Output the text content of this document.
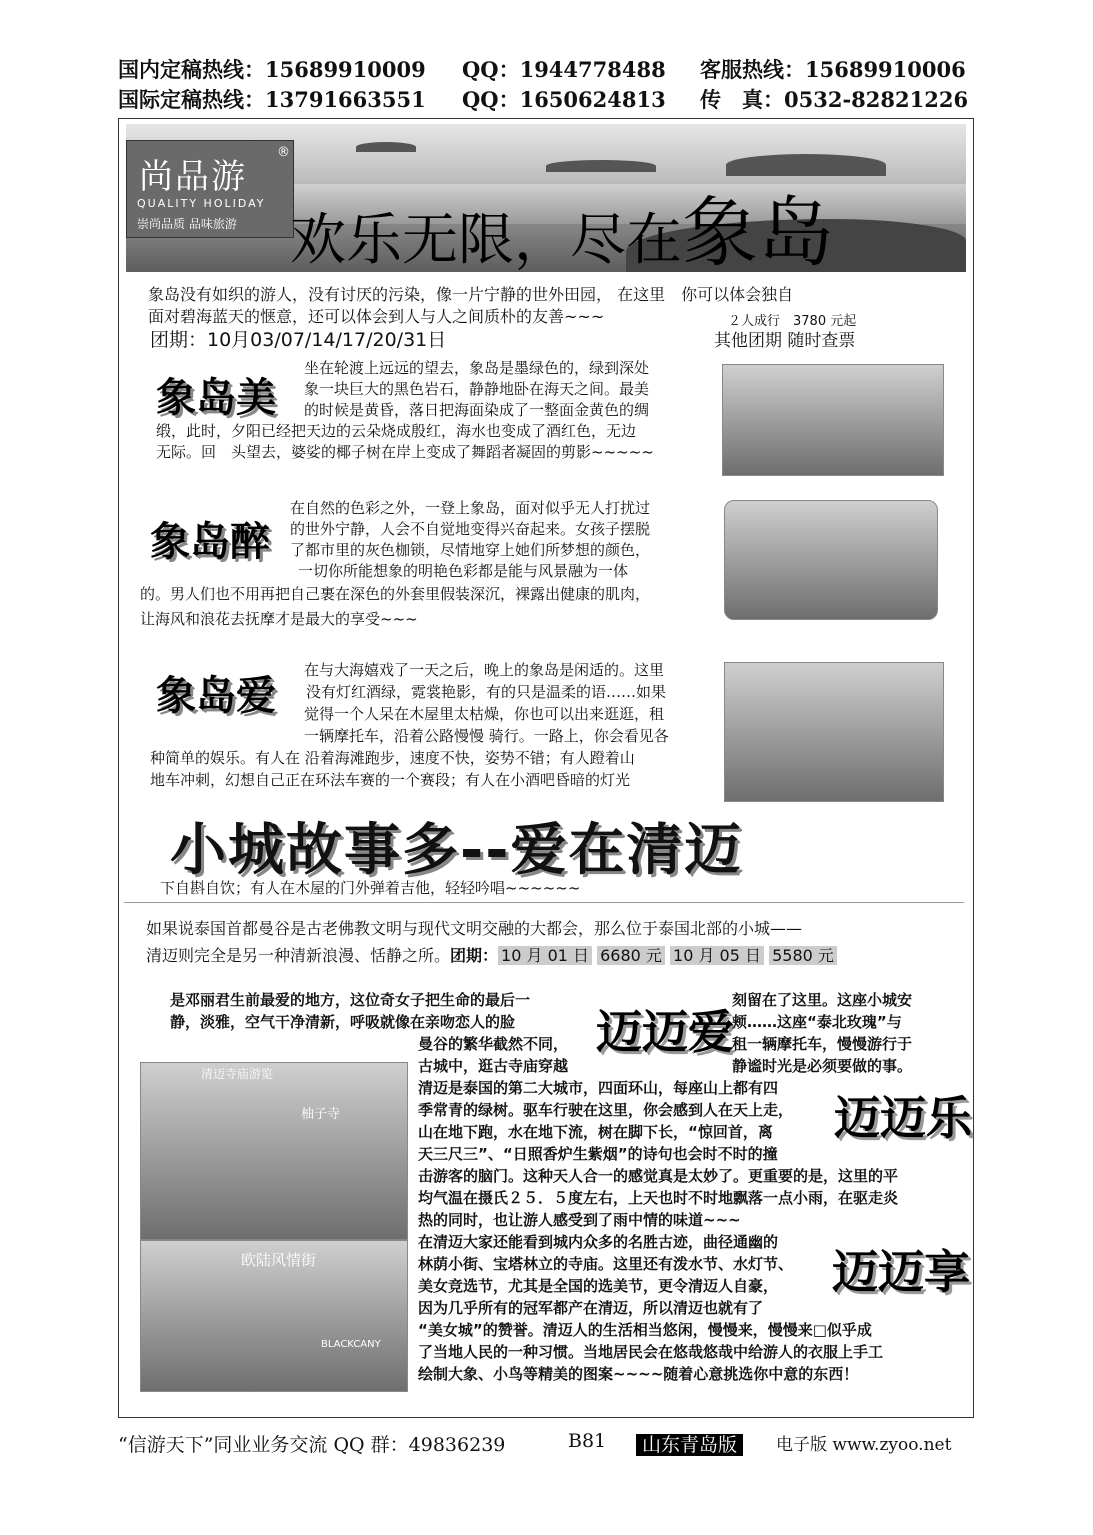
国内定稿热线：15689910009 QQ：1944778488 客服热线：15689910006
国际定稿热线：13791663551 QQ：1650624813 传　真：0532-82821226
尚品游
®
QUALITY HOLIDAY
崇尚品质 品味旅游 欢乐无限，尽在象岛
象岛没有如织的游人，没有讨厌的污染，像一片宁静的世外田园， 在这里　你可以体会独自
面对碧海蓝天的惬意，还可以体会到人与人之间质朴的友善~~~
团期：10月03/07/14/17/20/31日
２人成行　3780 元起
其他团期 随时查票
象岛美
坐在轮渡上远远的望去，象岛是墨绿色的，绿到深处
象一块巨大的黑色岩石，静静地卧在海天之间。最美
的时候是黄昏，落日把海面染成了一整面金黄色的绸
缎，此时，夕阳已经把天边的云朵烧成殷红，海水也变成了酒红色，无边
无际。回　头望去，婆娑的椰子树在岸上变成了舞蹈者凝固的剪影~~~~~
象岛醉
在自然的色彩之外，一登上象岛，面对似乎无人打扰过
的世外宁静，人会不自觉地变得兴奋起来。女孩子摆脱
了都市里的灰色枷锁，尽情地穿上她们所梦想的颜色，
一切你所能想象的明艳色彩都是能与风景融为一体
的。男人们也不用再把自己裹在深色的外套里假装深沉，裸露出健康的肌肉，
让海风和浪花去抚摩才是最大的享受~~~
象岛爱
在与大海嬉戏了一天之后，晚上的象岛是闲适的。这里
没有灯红酒绿，霓裳艳影，有的只是温柔的语……如果
觉得一个人呆在木屋里太枯燥，你也可以出来逛逛，租
一辆摩托车，沿着公路慢慢 骑行。一路上，你会看见各
种简单的娱乐。有人在 沿着海滩跑步，速度不快，姿势不错；有人蹬着山
地车冲刺，幻想自己正在环法车赛的一个赛段；有人在小酒吧昏暗的灯光
下自斟自饮；有人在木屋的门外弹着吉他，轻轻吟唱~~~~~~
小城故事多--爱在清迈
如果说泰国首都曼谷是古老佛教文明与现代文明交融的大都会，那么位于泰国北部的小城——
清迈则完全是另一种清新浪漫、恬静之所。团期： 10 月 01 日 6680 元 10 月 05 日 5580 元
迈迈爱
迈迈乐
迈迈享
是邓丽君生前最爱的地方，这位奇女子把生命的最后一
静，淡雅，空气干净清新，呼吸就像在亲吻恋人的脸
曼谷的繁华截然不同，
古城中，逛古寺庙穿越
刻留在了这里。这座小城安
颊……这座“泰北玫瑰”与
租一辆摩托车，慢慢游行于
静谧时光是必须要做的事。
清迈是泰国的第二大城市，四面环山，每座山上都有四
季常青的绿树。驱车行驶在这里，你会感到人在天上走，
山在地下跑，水在地下流，树在脚下长，“惊回首，离
天三尺三”、“日照香炉生紫烟”的诗句也会时不时的撞
击游客的脑门。这种天人合一的感觉真是太妙了。更重要的是，这里的平
均气温在摄氏２５．５度左右，上天也时不时地飘落一点小雨，在驱走炎
热的同时，也让游人感受到了雨中情的味道~~~
在清迈大家还能看到城内众多的名胜古迹，曲径通幽的
林荫小街、宝塔林立的寺庙。这里还有泼水节、水灯节、
美女竞选节，尤其是全国的选美节，更令清迈人自豪，
因为几乎所有的冠军都产在清迈，所以清迈也就有了
“美女城”的赞誉。清迈人的生活相当悠闲，慢慢来，慢慢来□似乎成
了当地人民的一种习惯。当地居民会在悠哉悠哉中给游人的衣服上手工
绘制大象、小鸟等精美的图案~~~~随着心意挑选你中意的东西！
清迈寺庙游览
柚子寺
欧陆风情街
BLACKCANY
“信游天下”同业业务交流 QQ 群：49836239	B81	山东青岛版	电子版 www.zyoo.net
